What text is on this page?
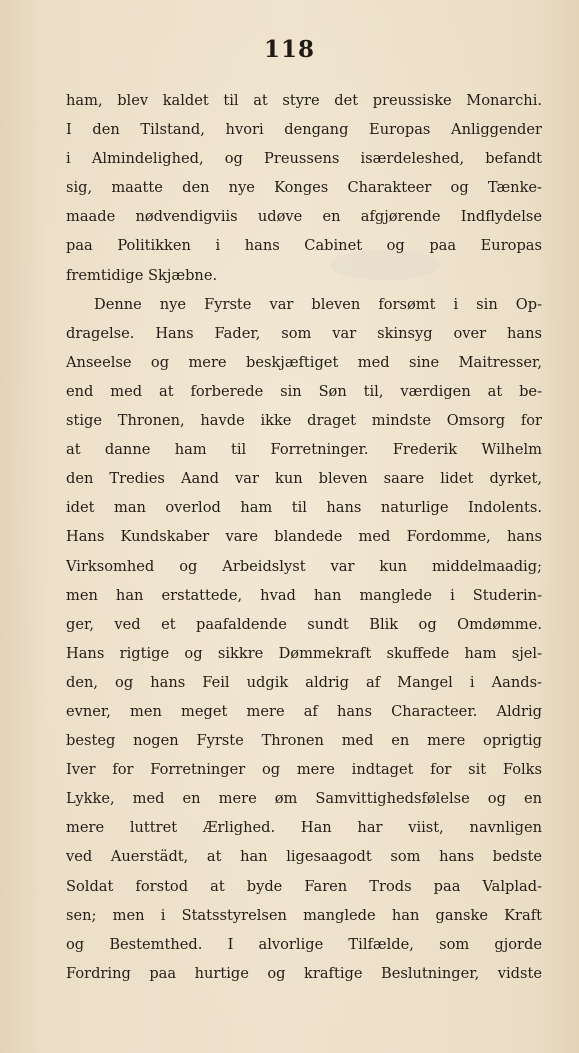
118
ham, blev kaldet til at styre det preussiske Monarchi.
I den Tilstand, hvori dengang Europas Anliggender
i Almindelighed, og Preussens isærdeleshed, befandt
sig, maatte den nye Konges Charakteer og Tænke-
maade nødvendigviis udøve en afgjørende Indflydelse
paa Politikken i hans Cabinet og paa Europas
fremtidige Skjæbne.
Denne nye Fyrste var bleven forsømt i sin Op-
dragelse. Hans Fader, som var skinsyg over hans
Anseelse og mere beskjæftiget med sine Maitresser,
end med at forberede sin Søn til, værdigen at be-
stige Thronen, havde ikke draget mindste Omsorg for
at danne ham til Forretninger. Frederik Wilhelm
den Tredies Aand var kun bleven saare lidet dyrket,
idet man overlod ham til hans naturlige Indolents.
Hans Kundskaber vare blandede med Fordomme, hans
Virksomhed og Arbeidslyst var kun middelmaadig;
men han erstattede, hvad han manglede i Studerin-
ger, ved et paafaldende sundt Blik og Omdømme.
Hans rigtige og sikkre Dømmekraft skuffede ham sjel-
den, og hans Feil udgik aldrig af Mangel i Aands-
evner, men meget mere af hans Characteer. Aldrig
besteg nogen Fyrste Thronen med en mere oprigtig
Iver for Forretninger og mere indtaget for sit Folks
Lykke, med en mere øm Samvittighedsfølelse og en
mere luttret Ærlighed. Han har viist, navnligen
ved Auerstädt, at han ligesaagodt som hans bedste
Soldat forstod at byde Faren Trods paa Valplad-
sen; men i Statsstyrelsen manglede han ganske Kraft
og Bestemthed. I alvorlige Tilfælde, som gjorde
Fordring paa hurtige og kraftige Beslutninger, vidste
